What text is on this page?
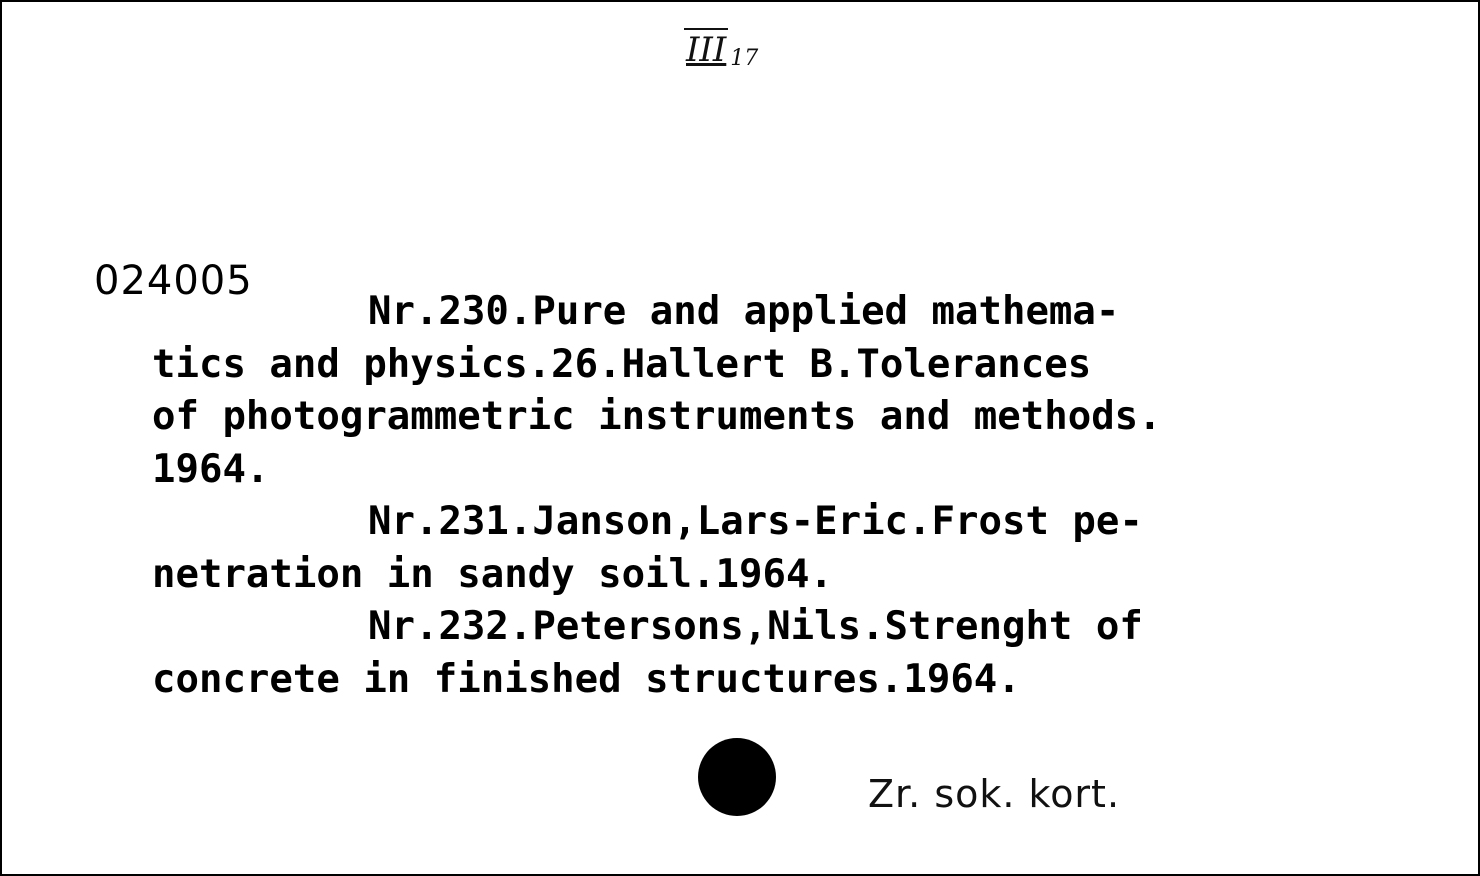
III 17
024005
Nr.230.Pure and applied mathema-
tics and physics.26.Hallert B.Tolerances
of photogrammetric instruments and methods.
1964.
Nr.231.Janson,Lars-Eric.Frost pe-
netration in sandy soil.1964.
Nr.232.Petersons,Nils.Strenght of
concrete in finished structures.1964.
Zr. sok. kort.
